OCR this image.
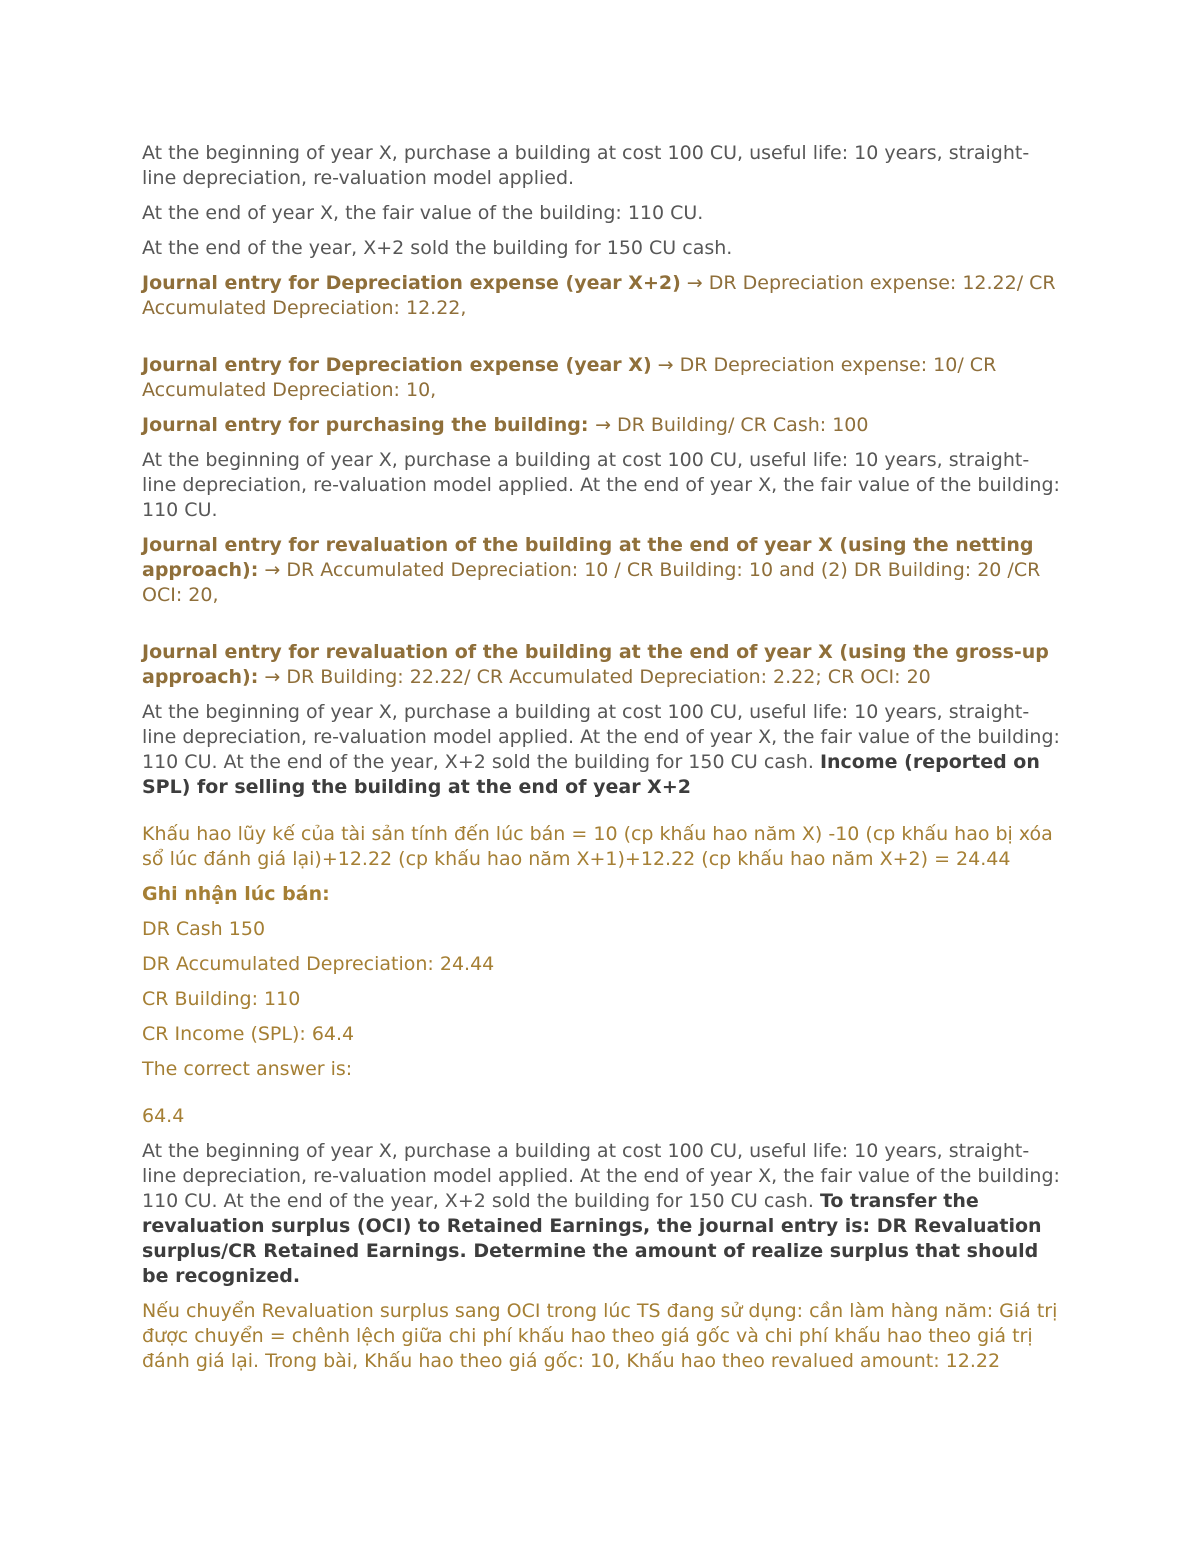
At the beginning of year X, purchase a building at cost 100 CU, useful life: 10 years, straight-line depreciation, re-valuation model applied.

At the end of year X, the fair value of the building: 110 CU.

At the end of the year, X+2 sold the building for 150 CU cash.

Journal entry for Depreciation expense (year X+2) → DR Depreciation expense: 12.22/ CR Accumulated Depreciation: 12.22,

Journal entry for Depreciation expense (year X) → DR Depreciation expense: 10/ CR Accumulated Depreciation: 10,

Journal entry for purchasing the building: → DR Building/ CR Cash: 100

At the beginning of year X, purchase a building at cost 100 CU, useful life: 10 years, straight-line depreciation, re-valuation model applied. At the end of year X, the fair value of the building: 110 CU.

Journal entry for revaluation of the building at the end of year X (using the netting approach): → DR Accumulated Depreciation: 10 / CR Building: 10 and (2) DR Building: 20 /CR OCI: 20,

Journal entry for revaluation of the building at the end of year X (using the gross-up approach): → DR Building: 22.22/ CR Accumulated Depreciation: 2.22; CR OCI: 20

At the beginning of year X, purchase a building at cost 100 CU, useful life: 10 years, straight-line depreciation, re-valuation model applied. At the end of year X, the fair value of the building: 110 CU. At the end of the year, X+2 sold the building for 150 CU cash. Income (reported on SPL) for selling the building at the end of year X+2

Khấu hao lũy kế của tài sản tính đến lúc bán = 10 (cp khấu hao năm X) -10 (cp khấu hao bị xóa sổ lúc đánh giá lại)+12.22 (cp khấu hao năm X+1)+12.22 (cp khấu hao năm X+2) = 24.44

Ghi nhận lúc bán:

DR Cash 150

DR Accumulated Depreciation: 24.44

CR Building: 110

CR Income (SPL): 64.4

The correct answer is:

64.4

At the beginning of year X, purchase a building at cost 100 CU, useful life: 10 years, straight-line depreciation, re-valuation model applied. At the end of year X, the fair value of the building: 110 CU. At the end of the year, X+2 sold the building for 150 CU cash. To transfer the revaluation surplus (OCI) to Retained Earnings, the journal entry is: DR Revaluation surplus/CR Retained Earnings. Determine the amount of realize surplus that should be recognized.

Nếu chuyển Revaluation surplus sang OCI trong lúc TS đang sử dụng: cần làm hàng năm: Giá trị được chuyển = chênh lệch giữa chi phí khấu hao theo giá gốc và chi phí khấu hao theo giá trị đánh giá lại. Trong bài, Khấu hao theo giá gốc: 10, Khấu hao theo revalued amount: 12.22
